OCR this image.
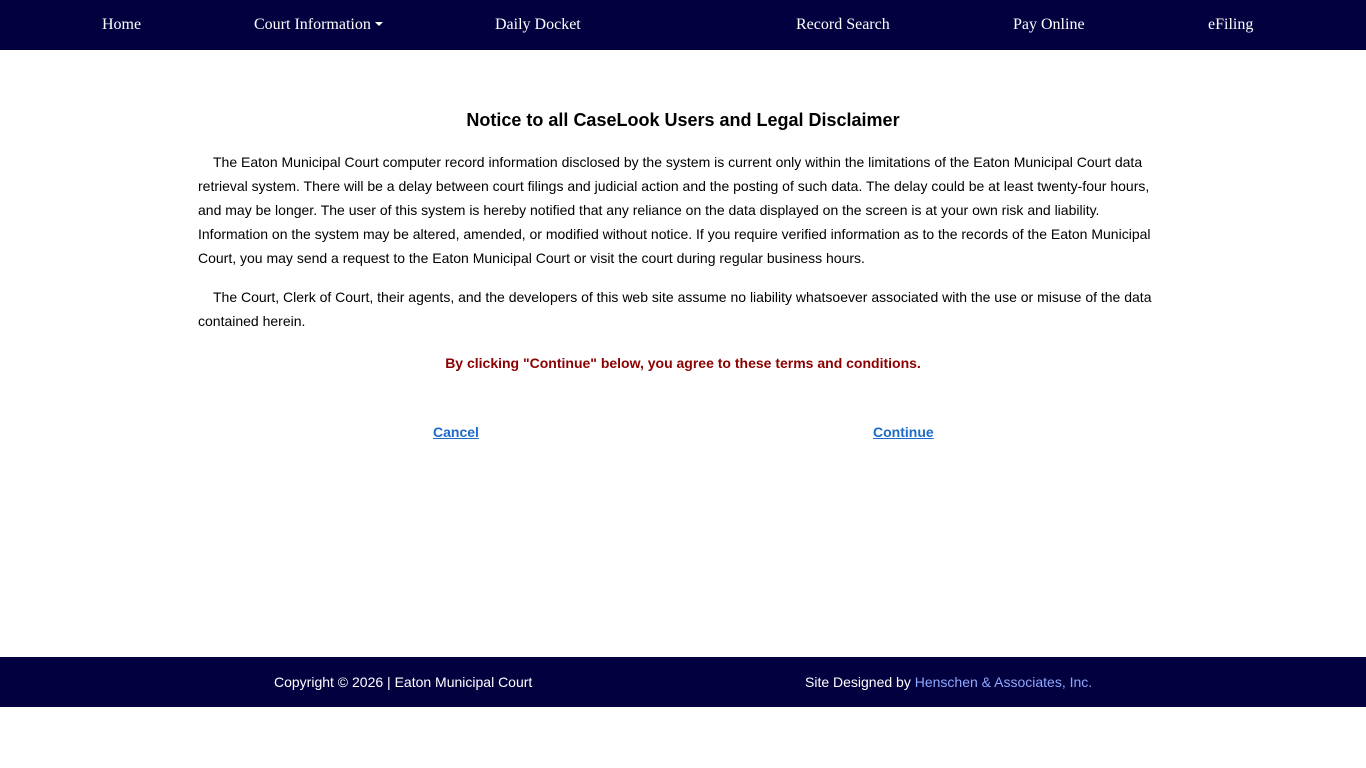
Home	Court Information	Daily Docket	Record Search	Pay Online	eFiling
Notice to all CaseLook Users and Legal Disclaimer

The Eaton Municipal Court computer record information disclosed by the system is current only within the limitations of the Eaton Municipal Court data retrieval system. There will be a delay between court filings and judicial action and the posting of such data. The delay could be at least twenty-four hours, and may be longer. The user of this system is hereby notified that any reliance on the data displayed on the screen is at your own risk and liability. Information on the system may be altered, amended, or modified without notice. If you require verified information as to the records of the Eaton Municipal Court, you may send a request to the Eaton Municipal Court or visit the court during regular business hours.

The Court, Clerk of Court, their agents, and the developers of this web site assume no liability whatsoever associated with the use or misuse of the data contained herein.

By clicking "Continue" below, you agree to these terms and conditions.
Cancel	Continue
Copyright © 2026 | Eaton Municipal Court	Site Designed by Henschen & Associates, Inc.
